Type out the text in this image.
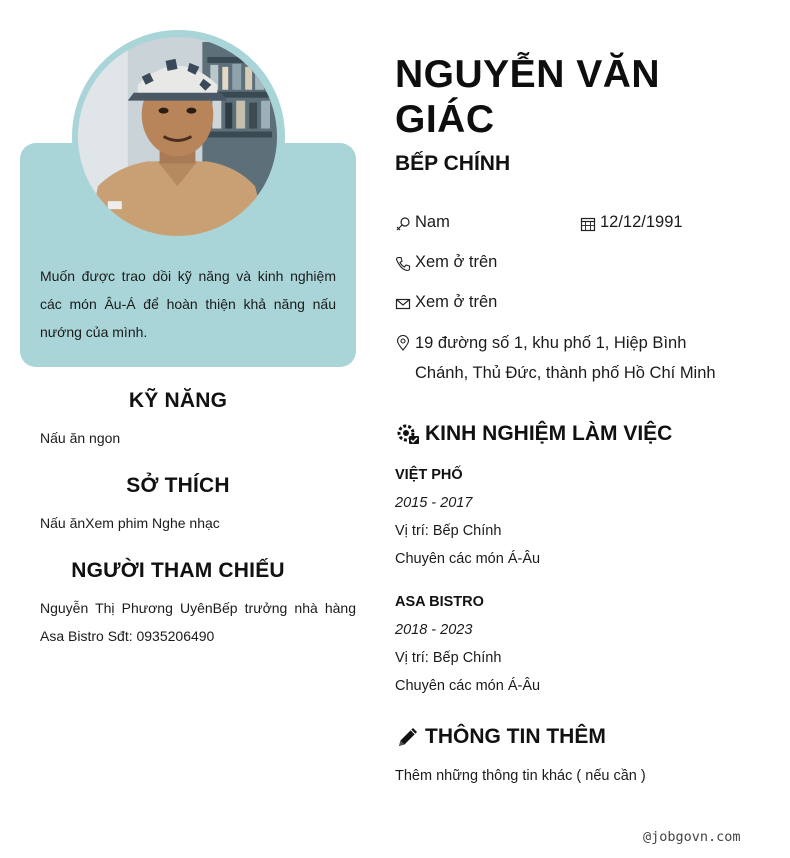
Muốn được trao dồi kỹ năng và kinh nghiệm các món Âu-Á để hoàn thiện khả năng nấu nướng của mình.
KỸ NĂNG
Nấu ăn ngon
SỞ THÍCH
Nấu ănXem phim Nghe nhạc
NGƯỜI THAM CHIẾU
Nguyễn Thị Phương UyênBếp trưởng nhà hàng Asa Bistro Sđt: 0935206490
NGUYỄN VĂN GIÁC
BẾP CHÍNH
Nam	12/12/1991
Xem ở trên
Xem ở trên
19 đường số 1, khu phố 1, Hiệp Bình Chánh, Thủ Đức, thành phố Hồ Chí Minh
KINH NGHIỆM LÀM VIỆC
VIỆT PHỐ
2015 - 2017
Vị trí: Bếp Chính
Chuyên các món Á-Âu
ASA BISTRO
2018 - 2023
Vị trí: Bếp Chính
Chuyên các món Á-Âu
THÔNG TIN THÊM
Thêm những thông tin khác ( nếu cần )
@jobgovn.com
